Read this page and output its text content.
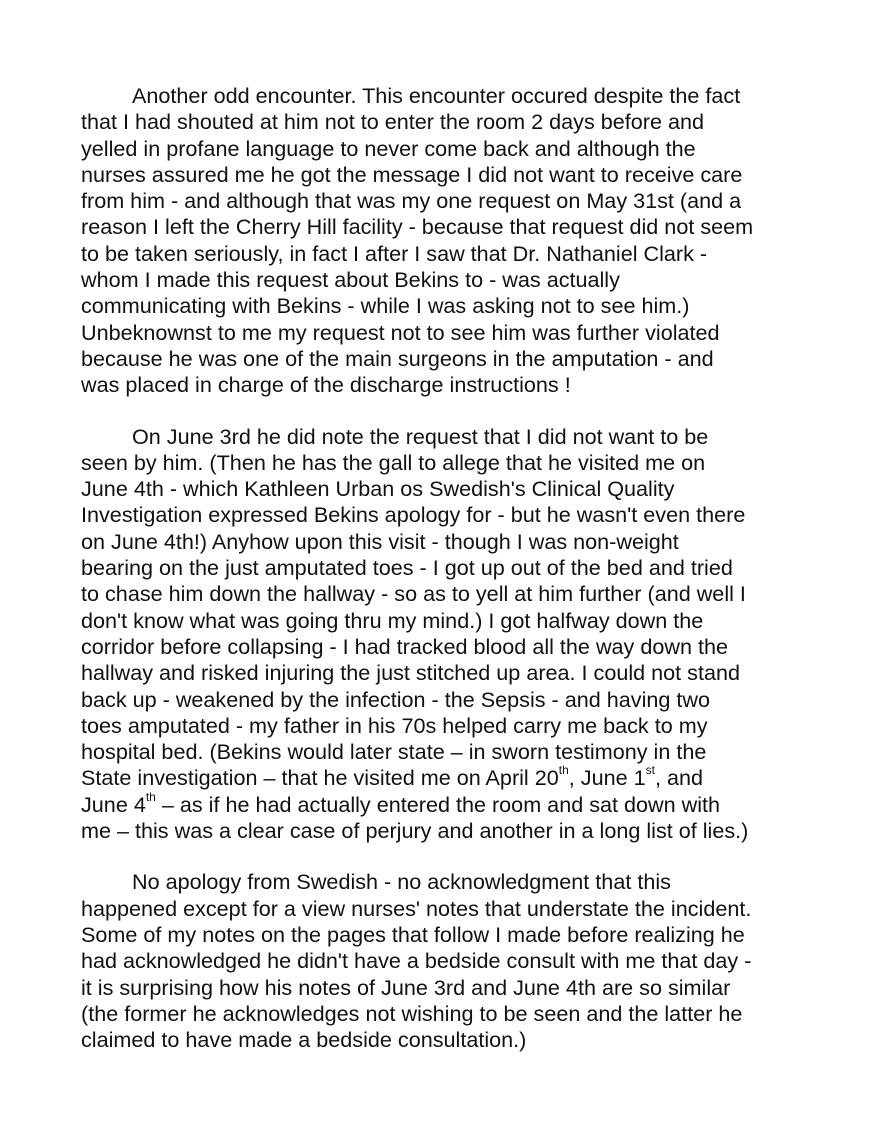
Another odd encounter. This encounter occured despite the fact
that I had shouted at him not to enter the room 2 days before and
yelled in profane language to never come back and although the
nurses assured me he got the message I did not want to receive care
from him - and although that was my one request on May 31st (and a
reason I left the Cherry Hill facility - because that request did not seem
to be taken seriously, in fact I after I saw that Dr. Nathaniel Clark -
whom I made this request about Bekins to - was actually
communicating with Bekins - while I was asking not to see him.)
Unbeknownst to me my request not to see him was further violated
because he was one of the main surgeons in the amputation - and
was placed in charge of the discharge instructions !

On June 3rd he did note the request that I did not want to be
seen by him. (Then he has the gall to allege that he visited me on
June 4th - which Kathleen Urban os Swedish's Clinical Quality
Investigation expressed Bekins apology for - but he wasn't even there
on June 4th!) Anyhow upon this visit - though I was non-weight
bearing on the just amputated toes - I got up out of the bed and tried
to chase him down the hallway - so as to yell at him further (and well I
don't know what was going thru my mind.) I got halfway down the
corridor before collapsing - I had tracked blood all the way down the
hallway and risked injuring the just stitched up area. I could not stand
back up - weakened by the infection - the Sepsis - and having two
toes amputated - my father in his 70s helped carry me back to my
hospital bed. (Bekins would later state – in sworn testimony in the
State investigation – that he visited me on April 20th, June 1st, and
June 4th – as if he had actually entered the room and sat down with
me – this was a clear case of perjury and another in a long list of lies.)

No apology from Swedish - no acknowledgment that this
happened except for a view nurses' notes that understate the incident.
Some of my notes on the pages that follow I made before realizing he
had acknowledged he didn't have a bedside consult with me that day -
it is surprising how his notes of June 3rd and June 4th are so similar
(the former he acknowledges not wishing to be seen and the latter he
claimed to have made a bedside consultation.)
